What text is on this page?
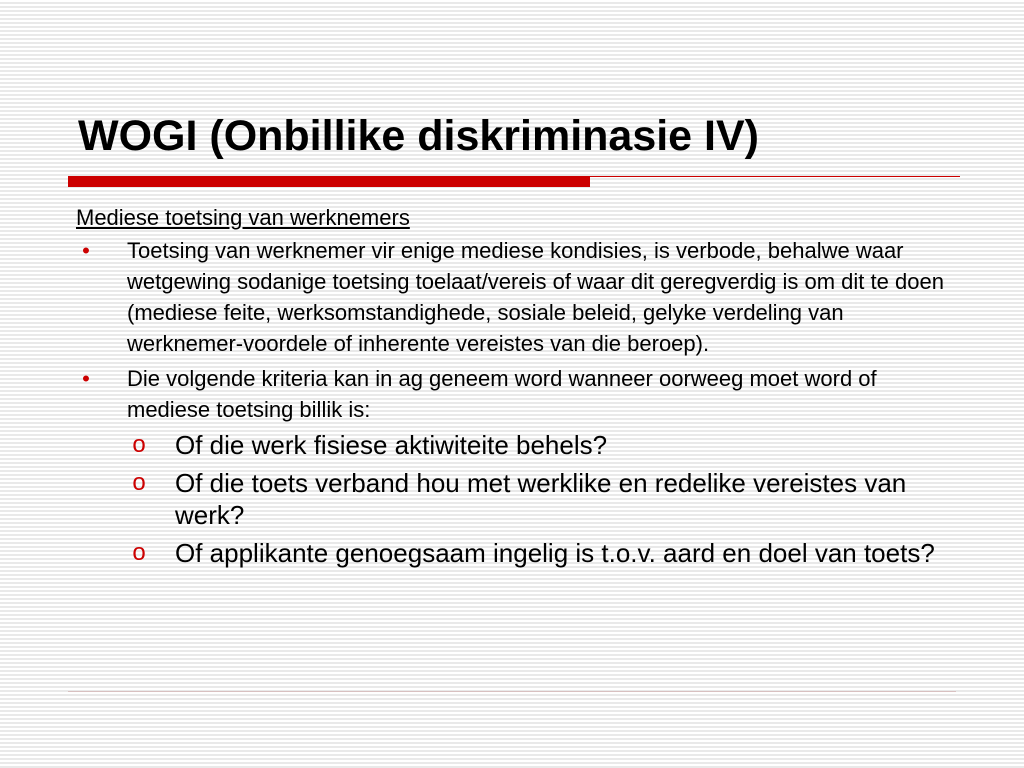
WOGI (Onbillike diskriminasie IV)
Mediese toetsing van werknemers
• Toetsing van werknemer vir enige mediese kondisies, is verbode, behalwe waar wetgewing sodanige toetsing toelaat/vereis of waar dit geregverdig is om dit te doen (mediese feite, werksomstandighede, sosiale beleid, gelyke verdeling van werknemer-voordele of inherente vereistes van die beroep).
• Die volgende kriteria kan in ag geneem word wanneer oorweeg moet word of mediese toetsing billik is:
o Of die werk fisiese aktiwiteite behels?
o Of die toets verband hou met werklike en redelike vereistes van werk?
o Of applikante genoegsaam ingelig is t.o.v. aard en doel van toets?
